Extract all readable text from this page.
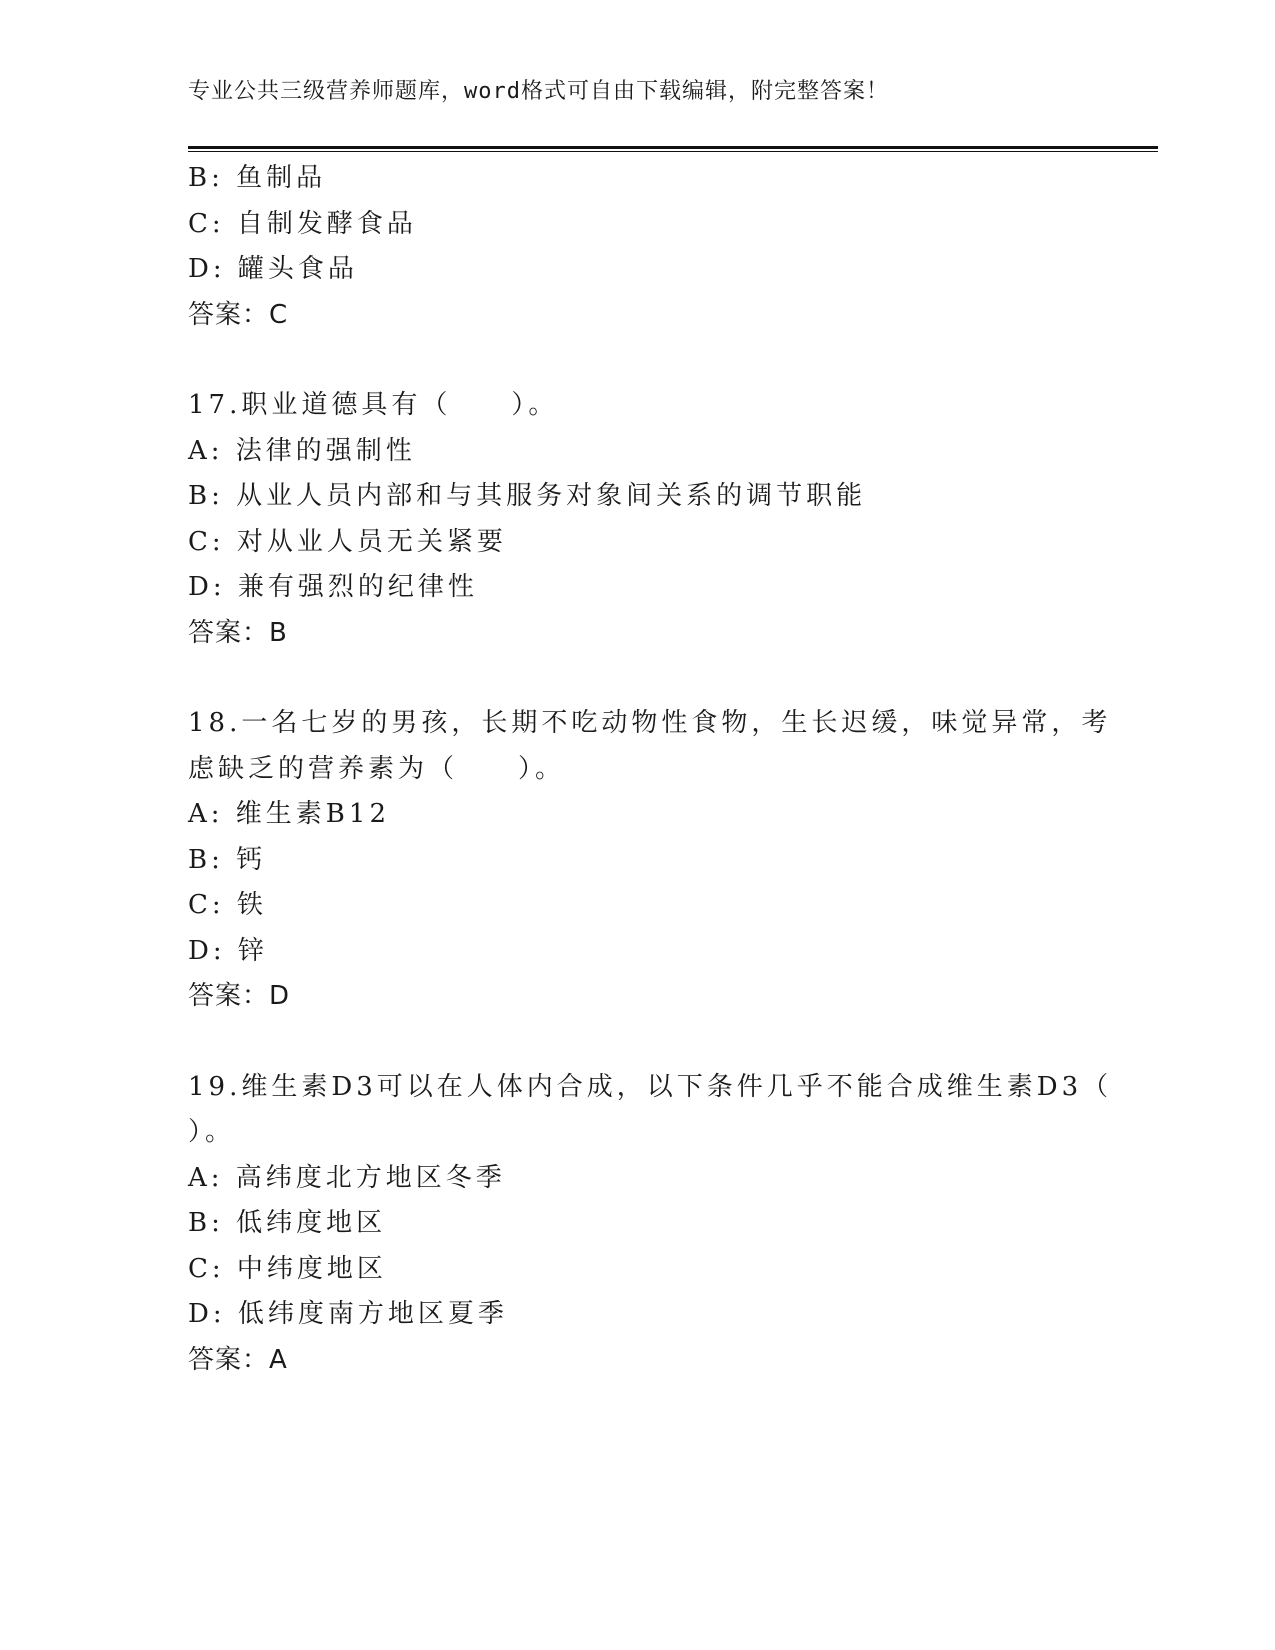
专业公共三级营养师题库，word格式可自由下载编辑，附完整答案！
B: 鱼制品
C: 自制发酵食品
D: 罐头食品
答案：C
17.职业道德具有（　　）。
A: 法律的强制性
B: 从业人员内部和与其服务对象间关系的调节职能
C: 对从业人员无关紧要
D: 兼有强烈的纪律性
答案：B
18.一名七岁的男孩，长期不吃动物性食物，生长迟缓，味觉异常，考
虑缺乏的营养素为（　　）。
A: 维生素B12
B: 钙
C: 铁
D: 锌
答案：D
19.维生素D3可以在人体内合成，以下条件几乎不能合成维生素D3（
）。
A: 高纬度北方地区冬季
B: 低纬度地区
C: 中纬度地区
D: 低纬度南方地区夏季
答案：A
